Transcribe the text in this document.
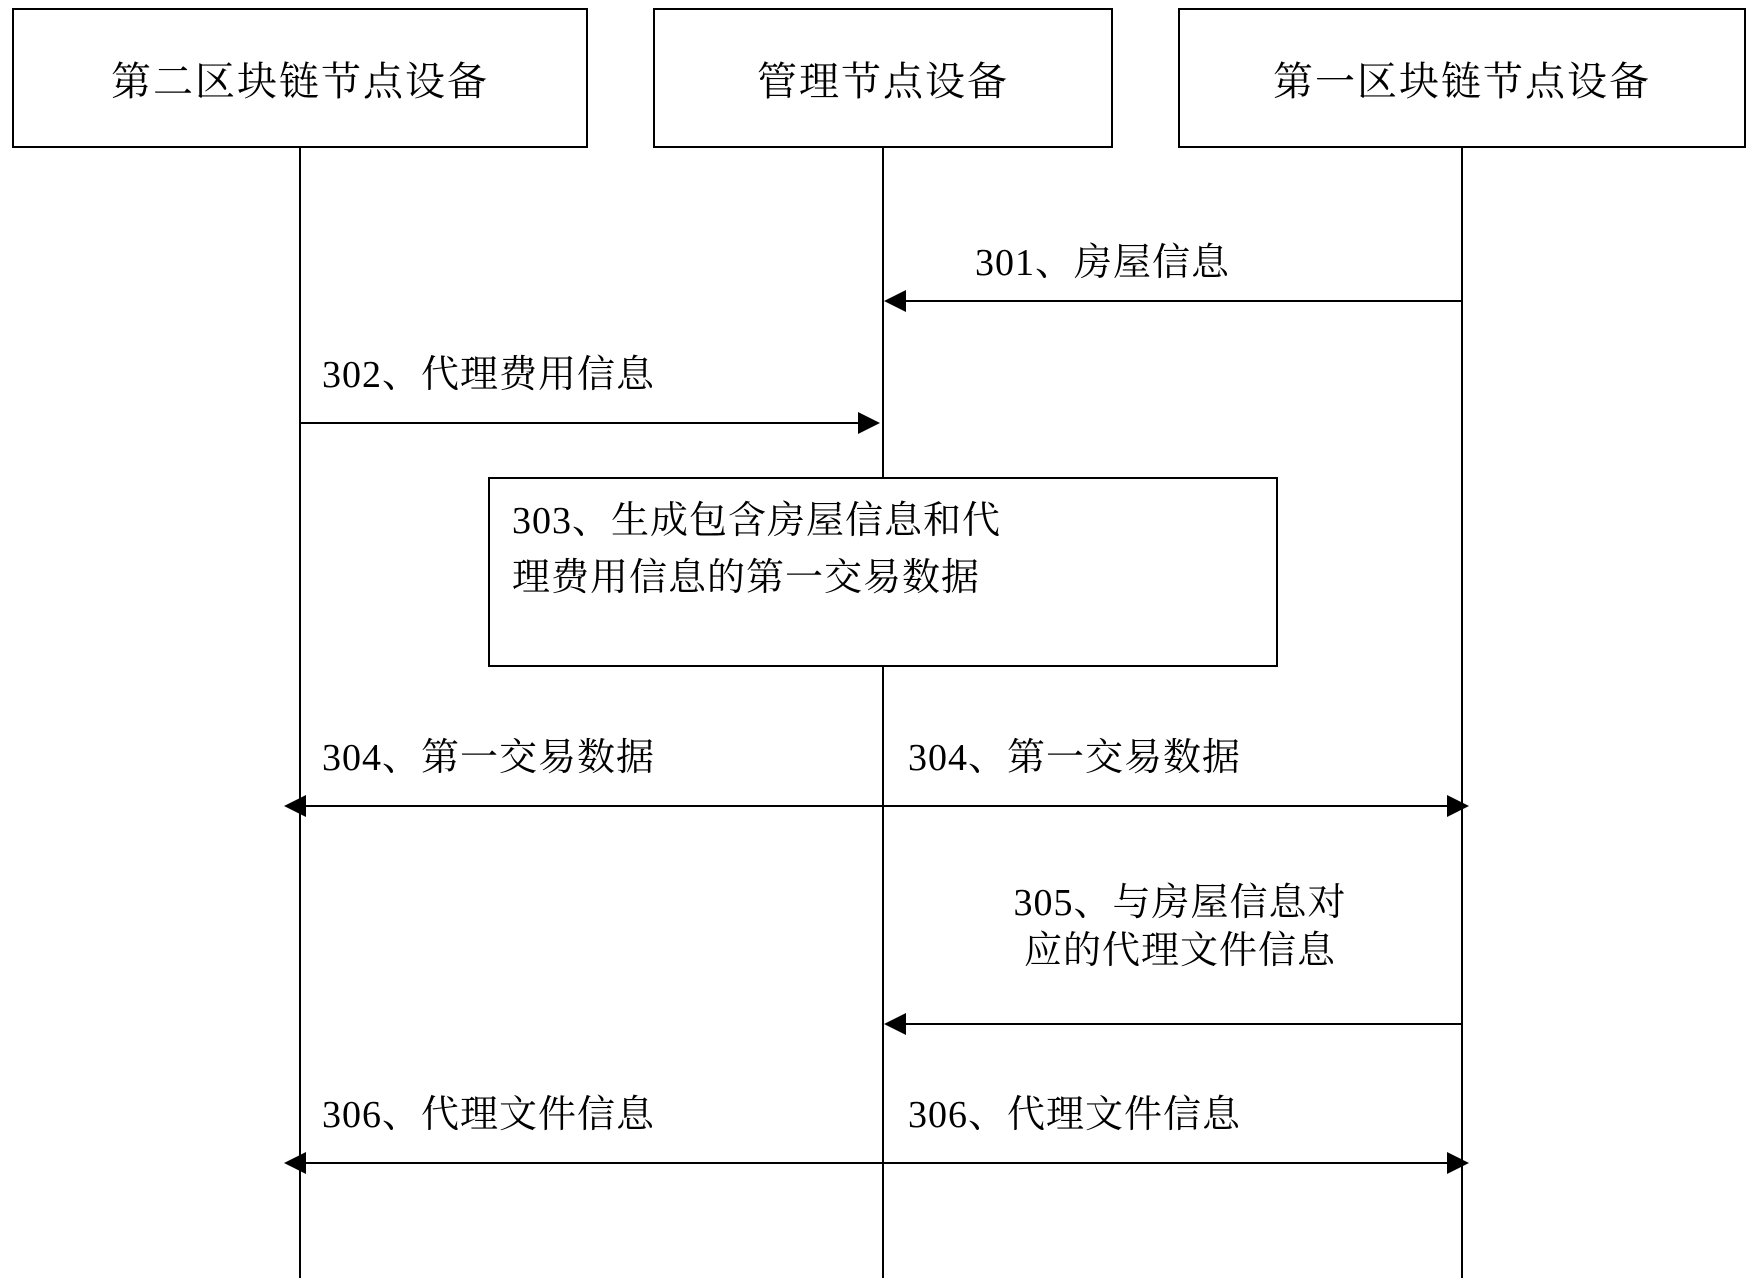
第二区块链节点设备	管理节点设备	第一区块链节点设备
301、房屋信息
302、代理费用信息
303、生成包含房屋信息和代
理费用信息的第一交易数据
304、第一交易数据	304、第一交易数据
305、与房屋信息对
应的代理文件信息
306、代理文件信息	306、代理文件信息
